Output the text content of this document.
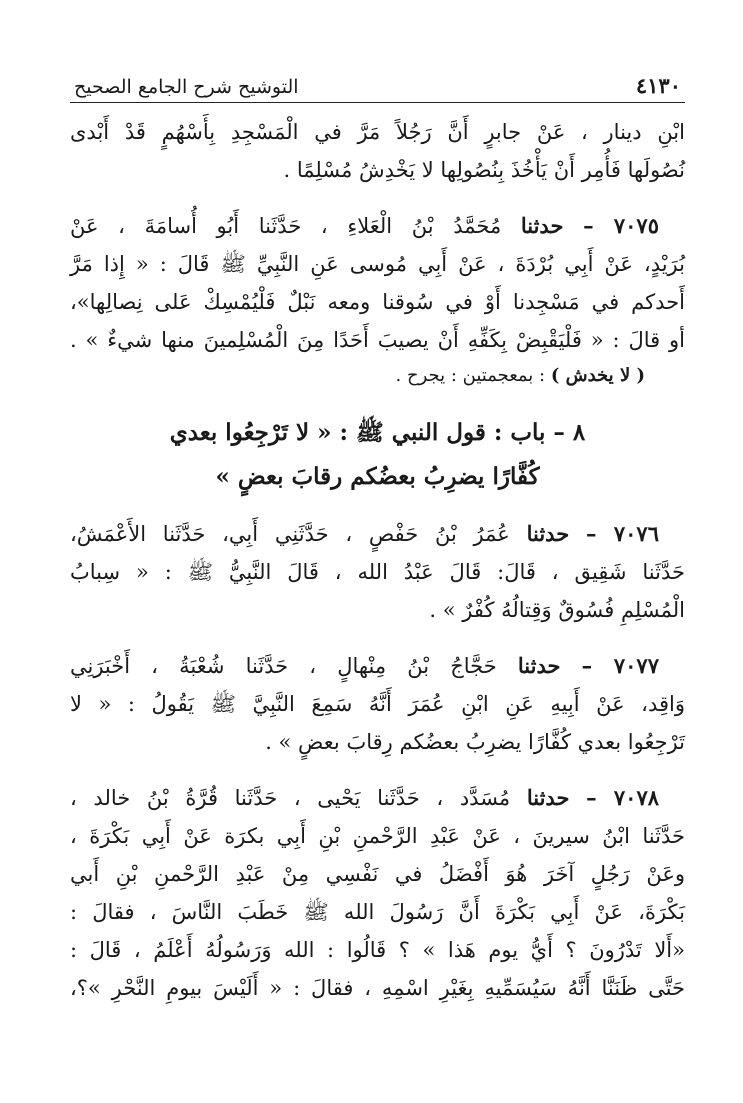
٤١٣٠
التوشيح شرح الجامع الصحيح
ابْنِ دينار ، عَنْ جابرٍ أَنَّ رَجُلاً مَرَّ في الْمَسْجِدِ بِأَسْهُمٍ قَدْ أَبْدى
نُصُولَها فَأُمِر أَنْ يَأْخُذَ بِنُصُولِها لا يَخْدِشُ مُسْلِمًا .
٧٠٧٥ – حدثنا مُحَمَّدُ بْنُ الْعَلاءِ ، حَدَّثَنا أَبُو أُسامَةَ ، عَنْ
بُرَيْدٍ، عَنْ أَبِي بُرْدَةَ ، عَنْ أَبِي مُوسى عَنِ النَّبِيِّ ﷺ قَالَ : « إِذا مَرَّ
أَحدكم في مَسْجِدنا أَوْ في سُوقنا ومعه نَبْلٌ فَلْيُمْسِكْ عَلى نِصالِها»،
أو قالَ : « فَلْيَقْبِضْ بِكَفِّهِ أَنْ يصيبَ أَحَدًا مِنَ الْمُسْلِمينَ منها شيءٌ » .
( لا يخدش ) : بمعجمتين : يجرح .
٨ – باب : قول النبي ﷺ : « لا تَرْجِعُوا بعدي
كُفَّارًا يضرِبُ بعضُكم رقابَ بعضٍ »
٧٠٧٦ – حدثنا عُمَرُ بْنُ حَفْصٍ ، حَدَّثَنِي أَبِي، حَدَّثَنا الأَعْمَشُ،
حَدَّثَنا شَقِيق ، قَالَ: قَالَ عَبْدُ الله ، قَالَ النَّبِيُّ ﷺ : « سِبابُ
الْمُسْلِمِ فُسُوقٌ وَقِتالُهُ كُفْرٌ » .
٧٠٧٧ – حدثنا حَجَّاجُ بْنُ مِنْهالٍ ، حَدَّثَنا شُعْبَةُ ، أَخْبَرَنِي
وَاقِد، عَنْ أَبِيهِ عَنِ ابْنِ عُمَرَ أَنَّهُ سَمِعَ النَّبِيَّ ﷺ يَقُولُ : « لا
تَرْجِعُوا بعدي كُفَّارًا يضرِبُ بعضُكم رِقابَ بعضٍ » .
٧٠٧٨ – حدثنا مُسَدَّد ، حَدَّثَنا يَحْيى ، حَدَّثَنا قُرَّةُ بْنُ خالد ،
حَدَّثَنا ابْنُ سيرينَ ، عَنْ عَبْدِ الرَّحْمنِ بْنِ أَبِي بكرَة عَنْ أَبِي بَكْرَةَ ،
وعَنْ رَجُلٍ آخَرَ هُوَ أَفْضَلُ في نَفْسِي مِنْ عَبْدِ الرَّحْمنِ بْنِ أَبي
بَكْرَةَ، عَنْ أَبِي بَكْرَةَ أَنَّ رَسُولَ الله ﷺ خَطَبَ النَّاسَ ، فقالَ :
«أَلا تَدْرُونَ ؟ أَيُّ يوم هَذا » ؟ قَالُوا : الله وَرَسُولُهُ أَعْلَمُ ، قَالَ :
حَتَّى ظَنَنَّا أَنَّهُ سَيُسَمِّيهِ بِغَيْرِ اسْمِهِ ، فقالَ : « أَلَيْسَ بيومِ النَّحْرِ »؟،
